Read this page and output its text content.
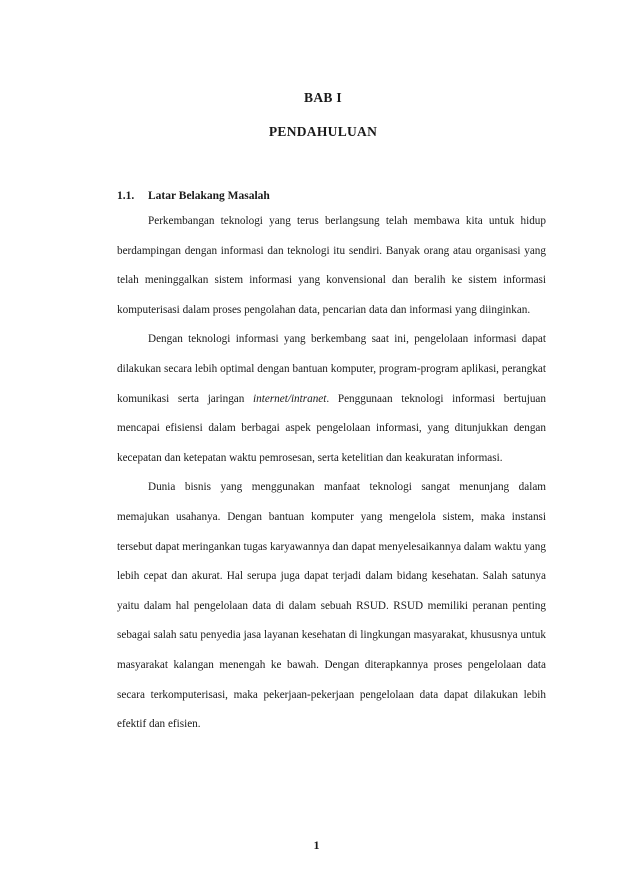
BAB I
PENDAHULUAN
1.1. Latar Belakang Masalah

Perkembangan teknologi yang terus berlangsung telah membawa kita untuk hidup berdampingan dengan informasi dan teknologi itu sendiri. Banyak orang atau organisasi yang telah meninggalkan sistem informasi yang konvensional dan beralih ke sistem informasi komputerisasi dalam proses pengolahan data, pencarian data dan informasi yang diinginkan.

Dengan teknologi informasi yang berkembang saat ini, pengelolaan informasi dapat dilakukan secara lebih optimal dengan bantuan komputer, program-program aplikasi, perangkat komunikasi serta jaringan internet/intranet. Penggunaan teknologi informasi bertujuan mencapai efisiensi dalam berbagai aspek pengelolaan informasi, yang ditunjukkan dengan kecepatan dan ketepatan waktu pemrosesan, serta ketelitian dan keakuratan informasi.

Dunia bisnis yang menggunakan manfaat teknologi sangat menunjang dalam memajukan usahanya. Dengan bantuan komputer yang mengelola sistem, maka instansi tersebut dapat meringankan tugas karyawannya dan dapat menyelesaikannya dalam waktu yang lebih cepat dan akurat. Hal serupa juga dapat terjadi dalam bidang kesehatan. Salah satunya yaitu dalam hal pengelolaan data di dalam sebuah RSUD. RSUD memiliki peranan penting sebagai salah satu penyedia jasa layanan kesehatan di lingkungan masyarakat, khususnya untuk masyarakat kalangan menengah ke bawah. Dengan diterapkannya proses pengelolaan data secara terkomputerisasi, maka pekerjaan-pekerjaan pengelolaan data dapat dilakukan lebih efektif dan efisien.

1
